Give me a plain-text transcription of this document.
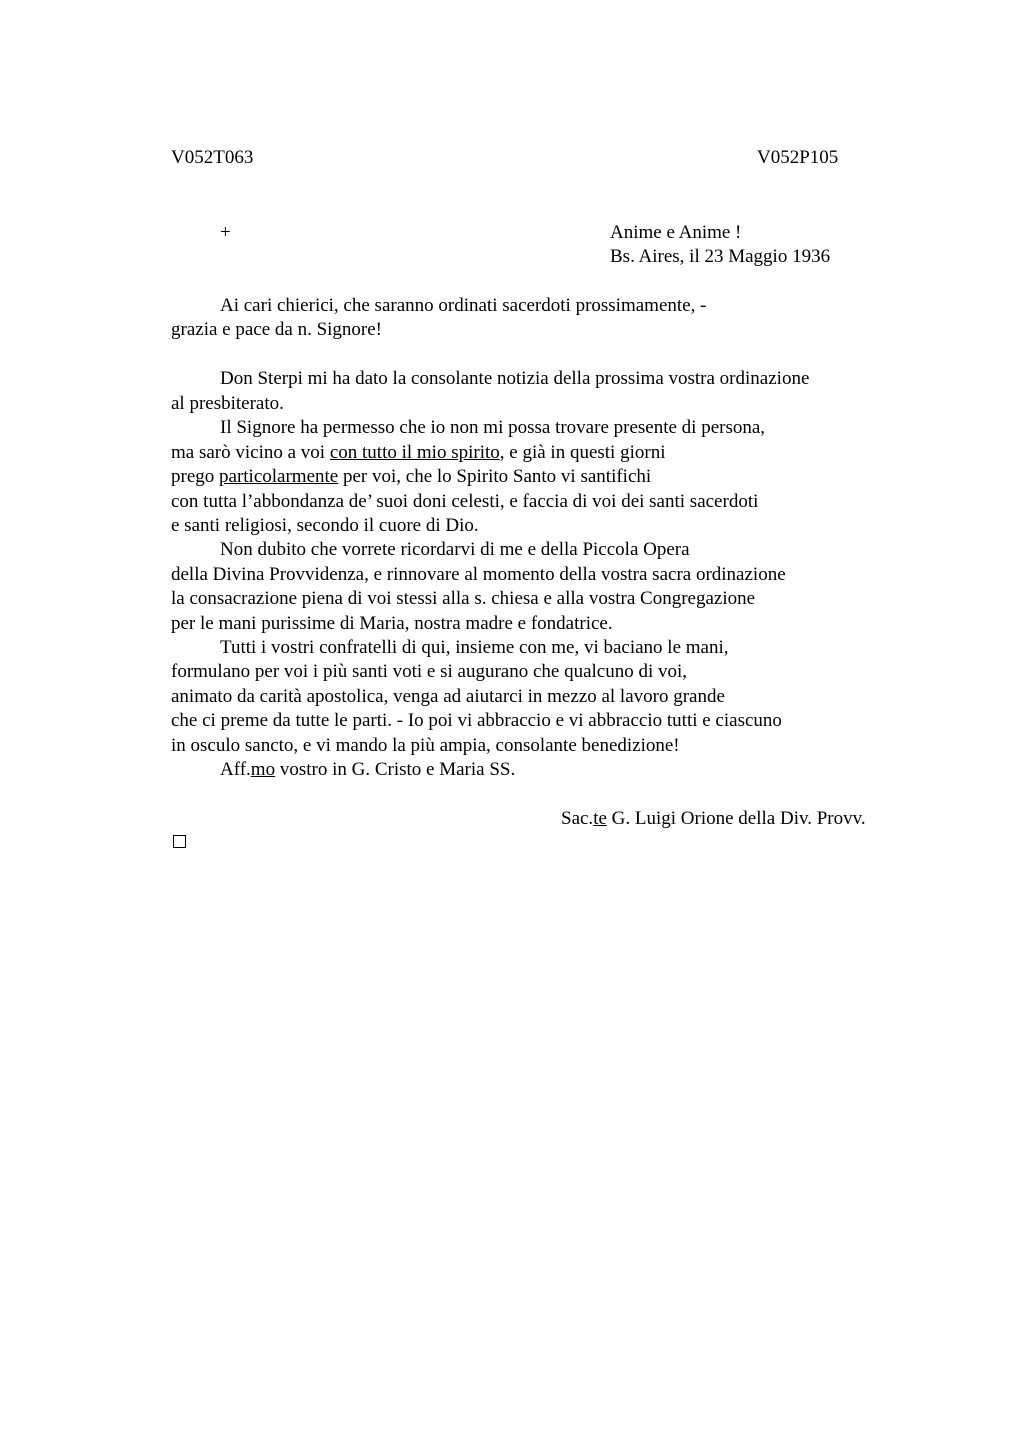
V052T063	V052P105
+	Anime e Anime !
Bs. Aires, il 23 Maggio 1936
Ai cari chierici, che saranno ordinati sacerdoti prossimamente, -
grazia e pace da n. Signore!
Don Sterpi mi ha dato la consolante notizia della prossima vostra ordinazione
al presbiterato.
Il Signore ha permesso che io non mi possa trovare presente di persona,
ma sarò vicino a voi con tutto il mio spirito, e già in questi giorni
prego particolarmente per voi, che lo Spirito Santo vi santifichi
con tutta l’abbondanza de’ suoi doni celesti, e faccia di voi dei santi sacerdoti
e santi religiosi, secondo il cuore di Dio.
Non dubito che vorrete ricordarvi di me e della Piccola Opera
della Divina Provvidenza, e rinnovare al momento della vostra sacra ordinazione
la consacrazione piena di voi stessi alla s. chiesa e alla vostra Congregazione
per le mani purissime di Maria, nostra madre e fondatrice.
Tutti i vostri confratelli di qui, insieme con me, vi baciano le mani,
formulano per voi i più santi voti e si augurano che qualcuno di voi,
animato da carità apostolica, venga ad aiutarci in mezzo al lavoro grande
che ci preme da tutte le parti. - Io poi vi abbraccio e vi abbraccio tutti e ciascuno
in osculo sancto, e vi mando la più ampia, consolante benedizione!
Aff.mo vostro in G. Cristo e Maria SS.
Sac.te G. Luigi Orione della Div. Provv.
